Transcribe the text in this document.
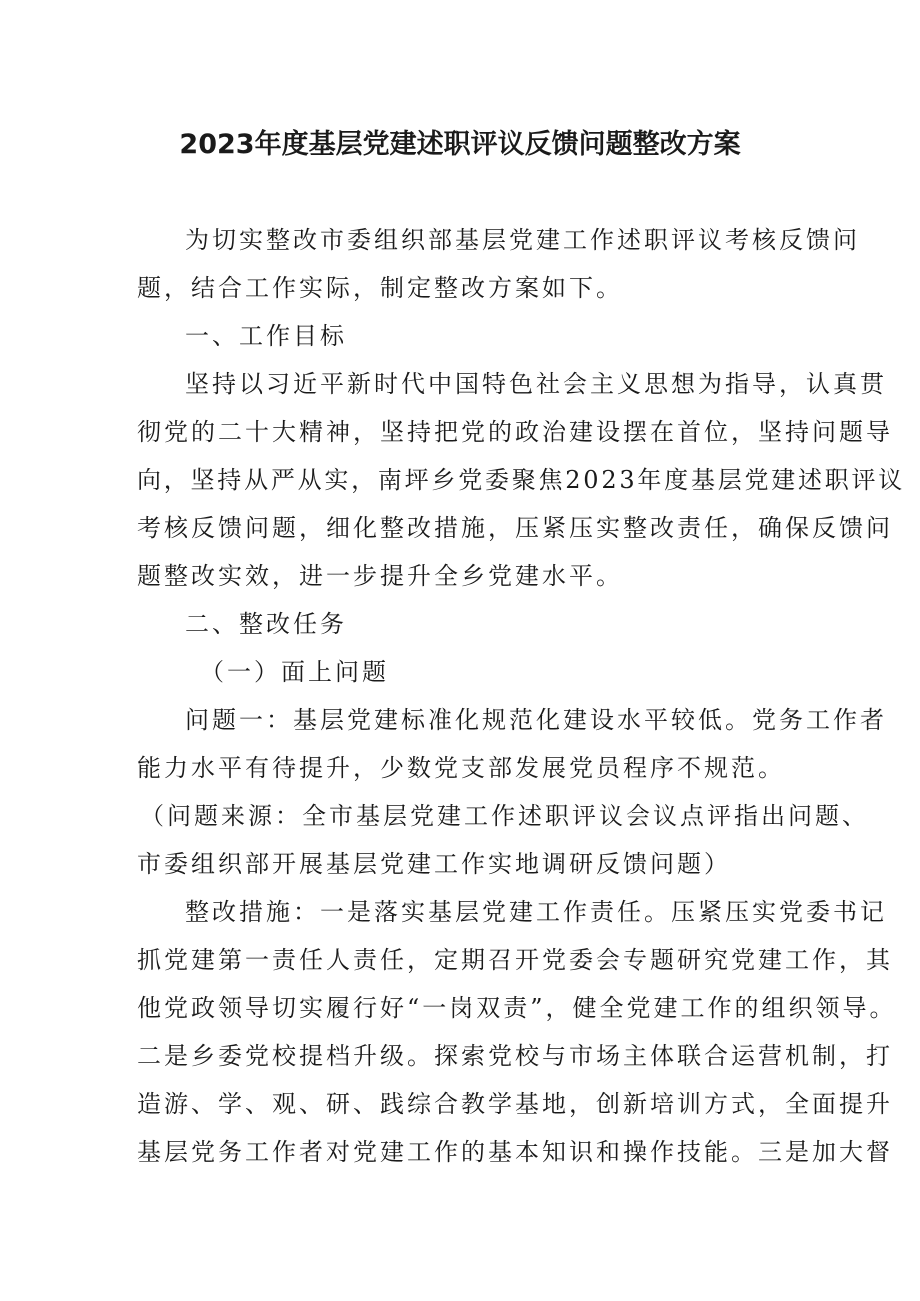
2023年度基层党建述职评议反馈问题整改方案
为切实整改市委组织部基层党建工作述职评议考核反馈问
题，结合工作实际，制定整改方案如下。
一、工作目标
坚持以习近平新时代中国特色社会主义思想为指导，认真贯
彻党的二十大精神，坚持把党的政治建设摆在首位，坚持问题导
向，坚持从严从实，南坪乡党委聚焦2023年度基层党建述职评议
考核反馈问题，细化整改措施，压紧压实整改责任，确保反馈问
题整改实效，进一步提升全乡党建水平。
二、整改任务
（一）面上问题
问题一：基层党建标准化规范化建设水平较低。党务工作者
能力水平有待提升，少数党支部发展党员程序不规范。
（问题来源：全市基层党建工作述职评议会议点评指出问题、
市委组织部开展基层党建工作实地调研反馈问题）
整改措施：一是落实基层党建工作责任。压紧压实党委书记
抓党建第一责任人责任，定期召开党委会专题研究党建工作，其
他党政领导切实履行好“一岗双责”，健全党建工作的组织领导。
二是乡委党校提档升级。探索党校与市场主体联合运营机制，打
造游、学、观、研、践综合教学基地，创新培训方式，全面提升
基层党务工作者对党建工作的基本知识和操作技能。三是加大督
